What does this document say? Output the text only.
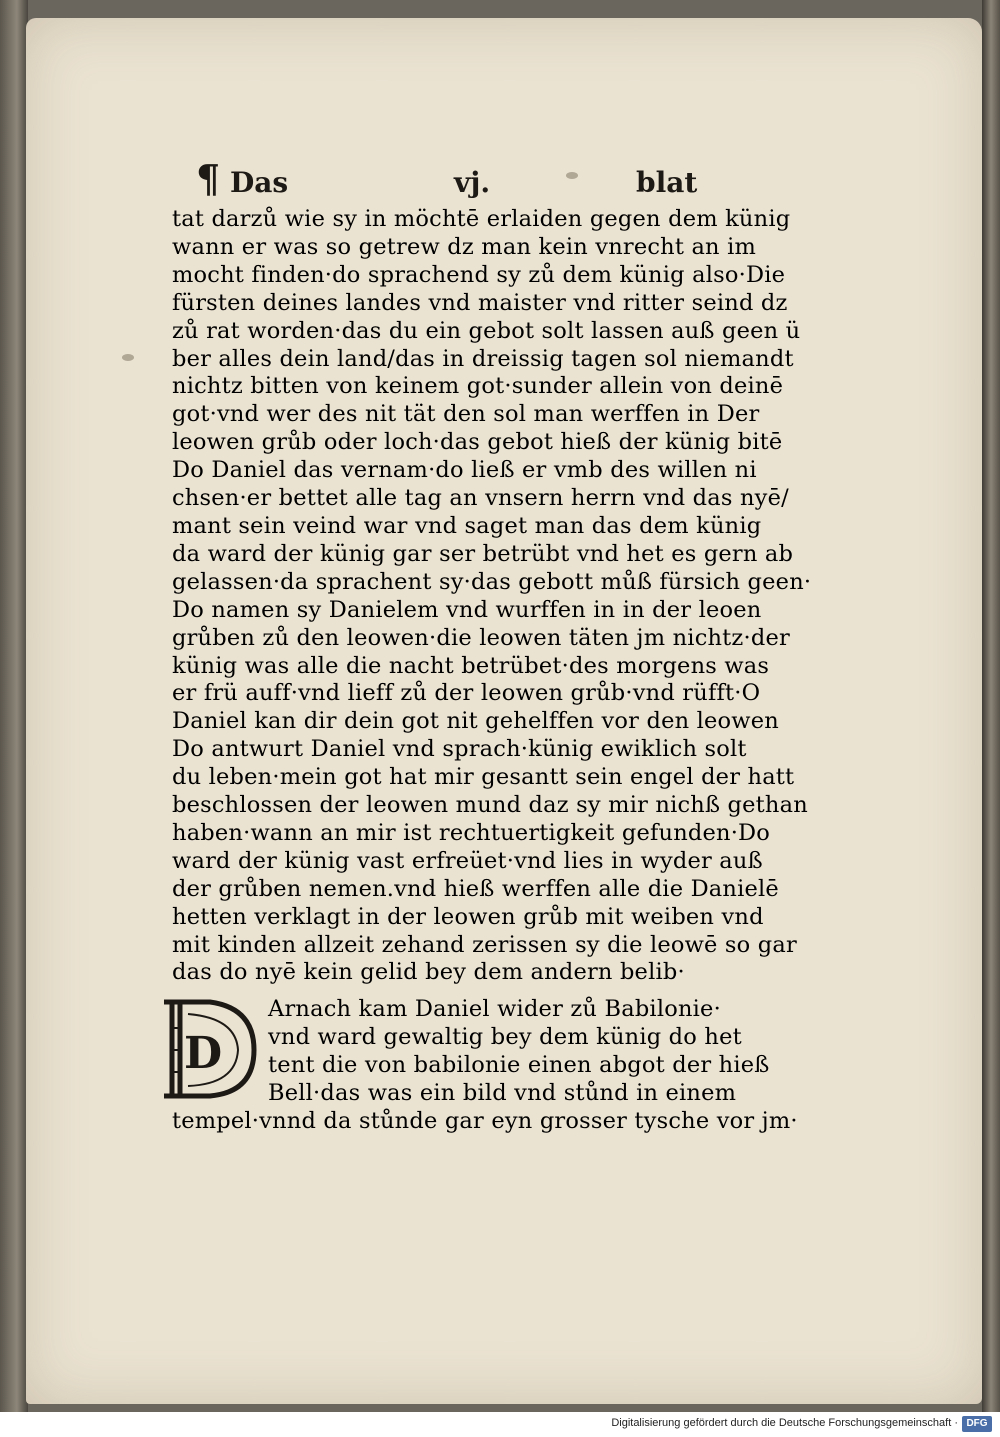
¶ Das	vj.	blat
tat darzů wie sy in möchtē erlaiden gegen dem künig
wann er was so getrew dz man kein vnrecht an im
mocht finden·do sprachend sy zů dem künig also·Die
fürsten deines landes vnd maister vnd ritter seind dz
zů rat worden·das du ein gebot solt lassen auß geen ü
ber alles dein land/das in dreissig tagen sol niemandt
nichtz bitten von keinem got·sunder allein von deinē
got·vnd wer des nit tät den sol man werffen in Der
leowen grůb oder loch·das gebot hieß der künig bitē
Do Daniel das vernam·do ließ er vmb des willen ni
chsen·er bettet alle tag an vnsern herrn vnd das nyē/
mant sein veind war vnd saget man das dem künig
da ward der künig gar ser betrübt vnd het es gern ab
gelassen·da sprachent sy·das gebott můß fürsich geen·
Do namen sy Danielem vnd wurffen in in der leoen
grůben zů den leowen·die leowen täten jm nichtz·der
künig was alle die nacht betrübet·des morgens was
er frü auff·vnd lieff zů der leowen grůb·vnd rüfft·O
Daniel kan dir dein got nit gehelffen vor den leowen
Do antwurt Daniel vnd sprach·künig ewiklich solt
du leben·mein got hat mir gesantt sein engel der hatt
beschlossen der leowen mund daz sy mir nichß gethan
haben·wann an mir ist rechtuertigkeit gefunden·Do
ward der künig vast erfreüet·vnd lies in wyder auß
der grůben nemen.vnd hieß werffen alle die Danielē
hetten verklagt in der leowen grůb mit weiben vnd
mit kinden allzeit zehand zerissen sy die leowē so gar
das do nyē kein gelid bey dem andern belib·
D
Arnach kam Daniel wider zů Babilonie·
vnd ward gewaltig bey dem künig do het
tent die von babilonie einen abgot der hieß
Bell·das was ein bild vnd stůnd in einem
tempel·vnnd da stůnde gar eyn grosser tysche vor jm·
Digitalisierung gefördert durch die Deutsche Forschungsgemeinschaft · DFG
